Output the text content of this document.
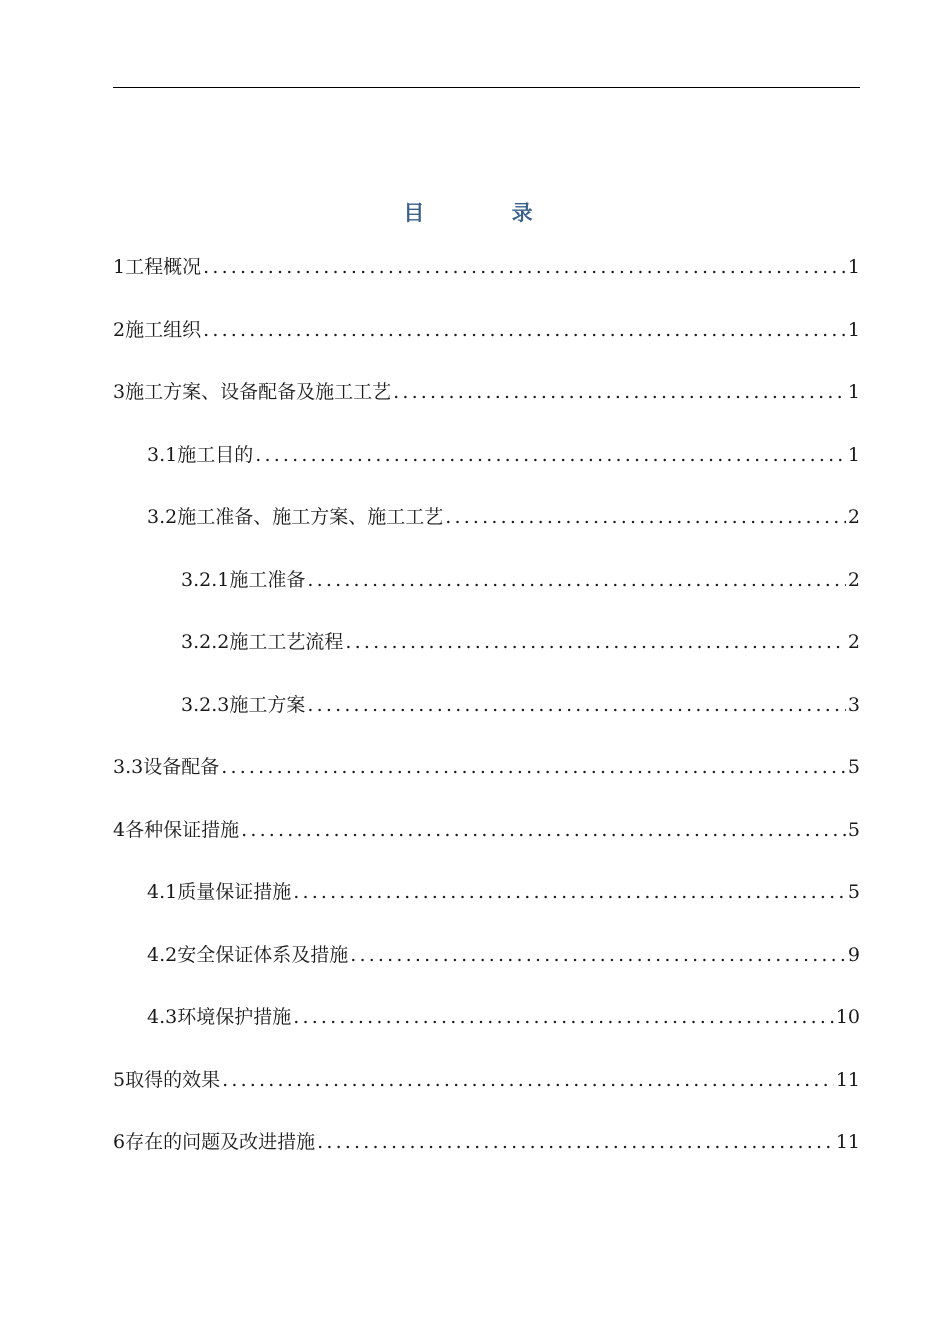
目 录
1工程概况 .....	1
2施工组织 .....	1
3施工方案、设备配备及施工工艺 .....	1
3.1施工目的 .....	1
3.2施工准备、施工方案、施工工艺 .....	2
3.2.1施工准备 .....	2
3.2.2施工工艺流程 .....	2
3.2.3施工方案 .....	3
3.3设备配备 .....	5
4各种保证措施 .....	5
4.1质量保证措施 .....	5
4.2安全保证体系及措施 .....	9
4.3环境保护措施 .....	10
5取得的效果 .....	11
6存在的问题及改进措施 .....	11
